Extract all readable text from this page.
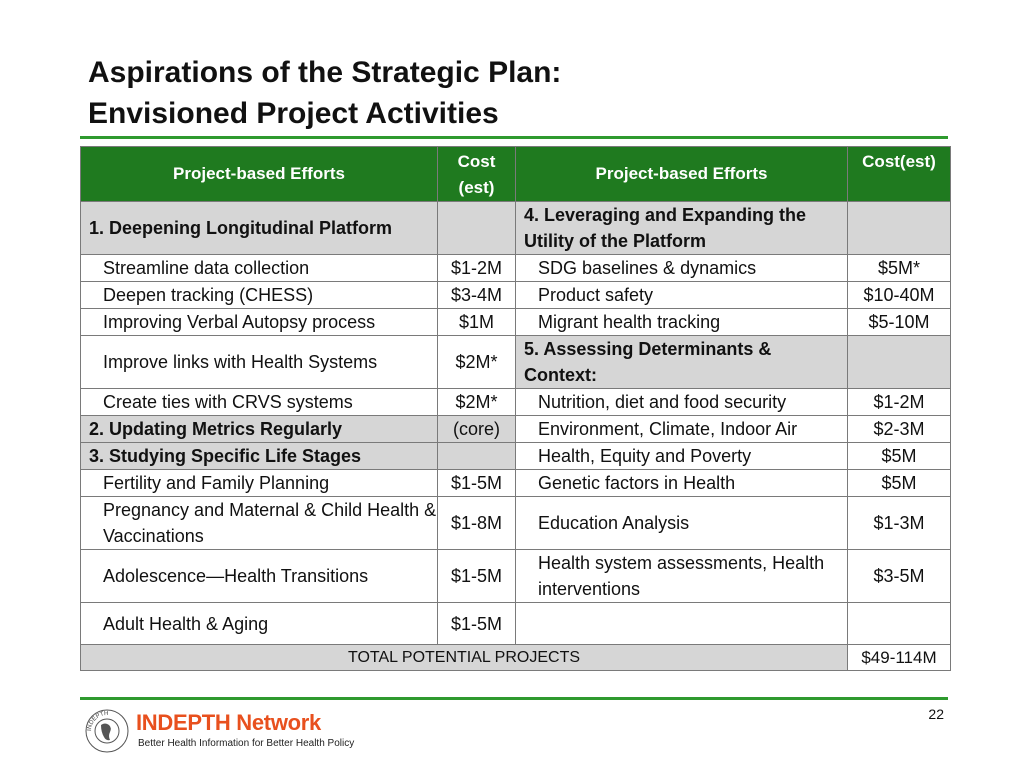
Aspirations of the Strategic Plan:
Envisioned Project Activities
Project-based Efforts	Cost (est)	Project-based Efforts	Cost(est)
1. Deepening Longitudinal Platform		4. Leveraging and Expanding the Utility of the Platform	
Streamline data collection	$1-2M	SDG baselines & dynamics	$5M*
Deepen tracking (CHESS)	$3-4M	Product safety	$10-40M
Improving Verbal Autopsy process	$1M	Migrant health tracking	$5-10M
Improve links with Health Systems	$2M*	5. Assessing Determinants & Context:	
Create ties with CRVS systems	$2M*	Nutrition, diet and food security	$1-2M
2. Updating Metrics Regularly	(core)	Environment, Climate, Indoor Air	$2-3M
3. Studying Specific Life Stages		Health, Equity and Poverty	$5M
Fertility and Family Planning	$1-5M	Genetic factors in Health	$5M
Pregnancy and Maternal & Child Health & Vaccinations	$1-8M	Education Analysis	$1-3M
Adolescence—Health Transitions	$1-5M	Health system assessments, Health interventions	$3-5M
Adult Health & Aging	$1-5M		
TOTAL POTENTIAL PROJECTS			$49-114M
22
INDEPTH INDEPTH Network
Better Health Information for Better Health Policy
